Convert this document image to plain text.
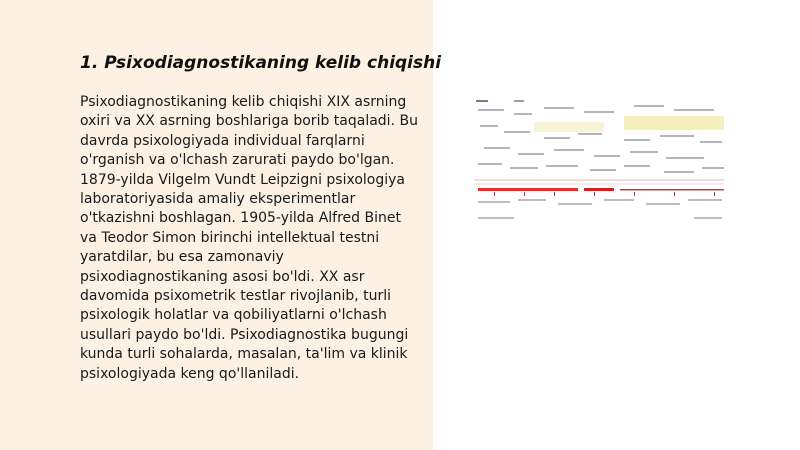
1. Psixodiagnostikaning kelib chiqishi

Psixodiagnostikaning kelib chiqishi XIX asrning oxiri va XX asrning boshlariga borib taqaladi. Bu davrda psixologiyada individual farqlarni o'rganish va o'lchash zarurati paydo bo'lgan. 1879-yilda Vilgelm Vundt Leipzigni psixologiya laboratoriyasida amaliy eksperimentlar o'tkazishni boshlagan. 1905-yilda Alfred Binet va Teodor Simon birinchi intellektual testni yaratdilar, bu esa zamonaviy psixodiagnostikaning asosi bo'ldi. XX asr davomida psixometrik testlar rivojlanib, turli psixologik holatlar va qobiliyatlarni o'lchash usullari paydo bo'ldi. Psixodiagnostika bugungi kunda turli sohalarda, masalan, ta'lim va klinik psixologiyada keng qo'llaniladi.
